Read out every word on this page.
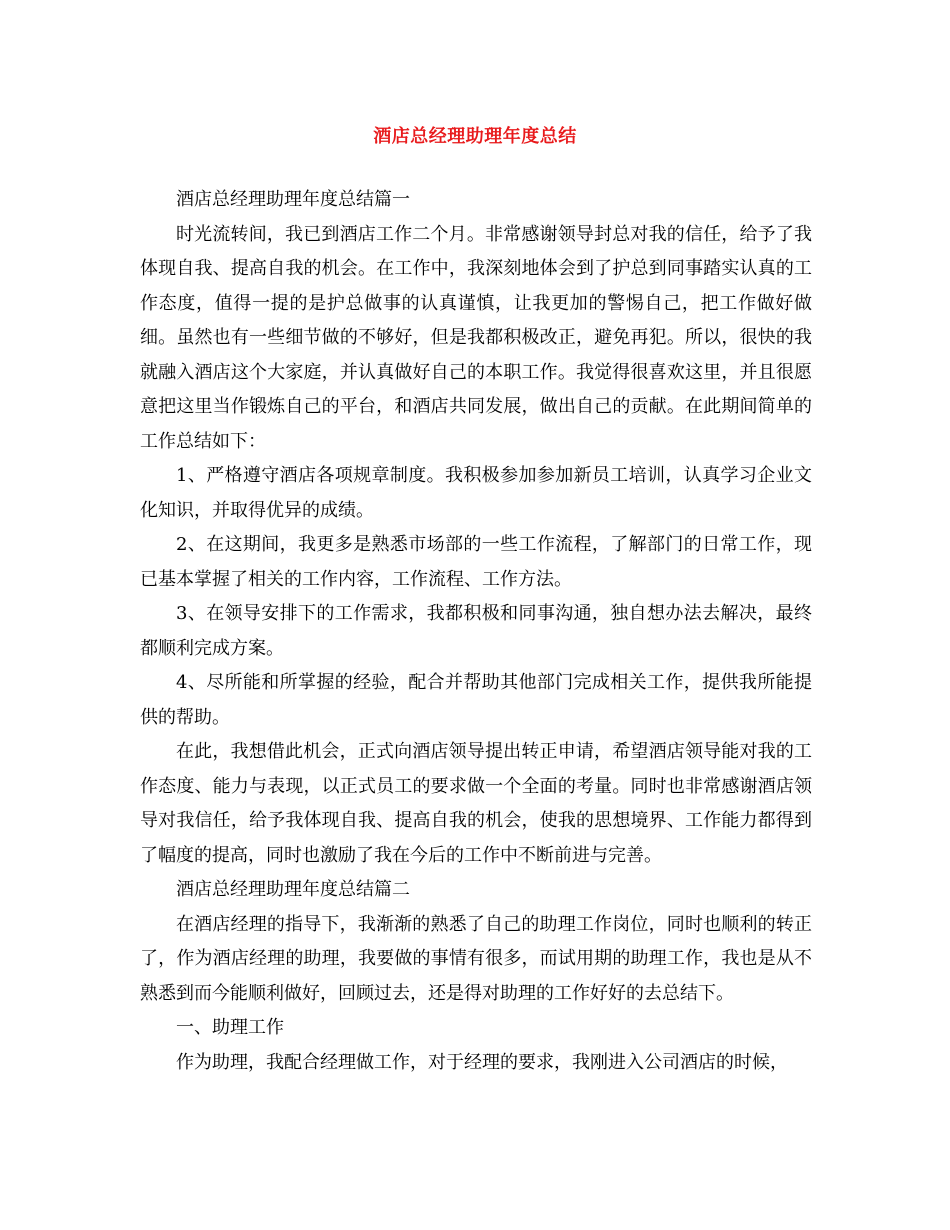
酒店总经理助理年度总结

酒店总经理助理年度总结篇一

时光流转间，我已到酒店工作二个月。非常感谢领导封总对我的信任，给予了我体现自我、提高自我的机会。在工作中，我深刻地体会到了护总到同事踏实认真的工作态度，值得一提的是护总做事的认真谨慎，让我更加的警惕自己，把工作做好做细。虽然也有一些细节做的不够好，但是我都积极改正，避免再犯。所以，很快的我就融入酒店这个大家庭，并认真做好自己的本职工作。我觉得很喜欢这里，并且很愿意把这里当作锻炼自己的平台，和酒店共同发展，做出自己的贡献。在此期间简单的工作总结如下：

1、严格遵守酒店各项规章制度。我积极参加参加新员工培训，认真学习企业文化知识，并取得优异的成绩。

2、在这期间，我更多是熟悉市场部的一些工作流程，了解部门的日常工作，现已基本掌握了相关的工作内容，工作流程、工作方法。

3、在领导安排下的工作需求，我都积极和同事沟通，独自想办法去解决，最终都顺利完成方案。

4、尽所能和所掌握的经验，配合并帮助其他部门完成相关工作，提供我所能提供的帮助。

在此，我想借此机会，正式向酒店领导提出转正申请，希望酒店领导能对我的工作态度、能力与表现，以正式员工的要求做一个全面的考量。同时也非常感谢酒店领导对我信任，给予我体现自我、提高自我的机会，使我的思想境界、工作能力都得到了幅度的提高，同时也激励了我在今后的工作中不断前进与完善。

酒店总经理助理年度总结篇二

在酒店经理的指导下，我渐渐的熟悉了自己的助理工作岗位，同时也顺利的转正了，作为酒店经理的助理，我要做的事情有很多，而试用期的助理工作，我也是从不熟悉到而今能顺利做好，回顾过去，还是得对助理的工作好好的去总结下。

一、助理工作

作为助理，我配合经理做工作，对于经理的要求，我刚进入公司酒店的时候，
